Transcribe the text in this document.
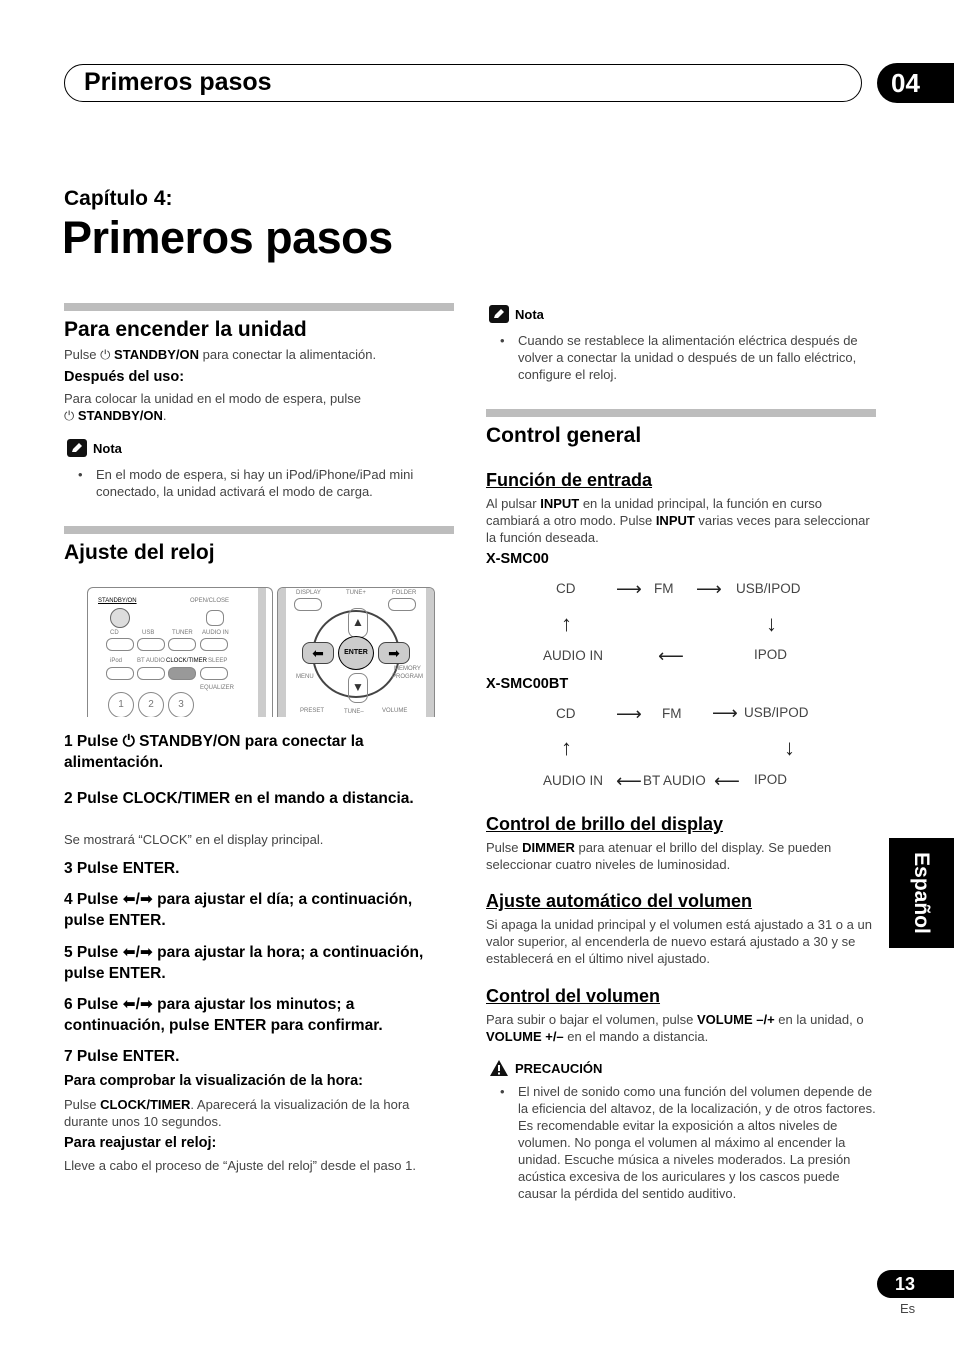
Primeros pasos	04
Capítulo 4:
Primeros pasos
Para encender la unidad
Pulse ⏻ STANDBY/ON para conectar la alimentación.
Después del uso:
Para colocar la unidad en el modo de espera, pulse
⏻ STANDBY/ON.
Nota
• En el modo de espera, si hay un iPod/iPhone/iPad mini conectado, la unidad activará el modo de carga.
Ajuste del reloj
STANDBY/ON	OPEN/CLOSE
CD	USB	TUNER AUDIO IN
iPod BT AUDIO CLOCK/TIMER SLEEP
EQUALIZER
1	2	3
DISPLAY	TUNE+	FOLDER
▲
▼
⬅	➡
ENTER
MENU
MEMORY
PROGRAM
PRESET	TUNE–	VOLUME
1 Pulse ⏻ STANDBY/ON para conectar la alimentación.
2 Pulse CLOCK/TIMER en el mando a distancia.
Se mostrará “CLOCK” en el display principal.
3 Pulse ENTER.
4 Pulse ⬅/➡ para ajustar el día; a continuación, pulse ENTER.
5 Pulse ⬅/➡ para ajustar la hora; a continuación, pulse ENTER.
6 Pulse ⬅/➡ para ajustar los minutos; a continuación, pulse ENTER para confirmar.
7 Pulse ENTER.
Para comprobar la visualización de la hora:
Pulse CLOCK/TIMER. Aparecerá la visualización de la hora durante unos 10 segundos.
Para reajustar el reloj:
Lleve a cabo el proceso de “Ajuste del reloj” desde el paso 1.
Nota
• Cuando se restablece la alimentación eléctrica después de volver a conectar la unidad o después de un fallo eléctrico, configure el reloj.
Control general
Función de entrada
Al pulsar INPUT en la unidad principal, la función en curso cambiará a otro modo. Pulse INPUT varias veces para seleccionar la función deseada.
X-SMC00
CD ⟶ FM ⟶ USB/IPOD
↑	↓
AUDIO IN	⟵	IPOD
X-SMC00BT
CD ⟶ FM ⟶ USB/IPOD
↑	↓
AUDIO IN ⟵ BT AUDIO ⟵ IPOD
Control de brillo del display
Pulse DIMMER para atenuar el brillo del display. Se pueden seleccionar cuatro niveles de luminosidad.
Ajuste automático del volumen
Si apaga la unidad principal y el volumen está ajustado a 31 o a un valor superior, al encenderla de nuevo estará ajustado a 30 y se establecerá en el último nivel ajustado.
Control del volumen
Para subir o bajar el volumen, pulse VOLUME –/+ en la unidad, o VOLUME +/– en el mando a distancia.
PRECAUCIÓN
• El nivel de sonido como una función del volumen depende de la eficiencia del altavoz, de la localización, y de otros factores. Es recomendable evitar la exposición a altos niveles de volumen. No ponga el volumen al máximo al encender la unidad. Escuche música a niveles moderados. La presión acústica excesiva de los auriculares y los cascos puede causar la pérdida del sentido auditivo.
Español
13
Es
